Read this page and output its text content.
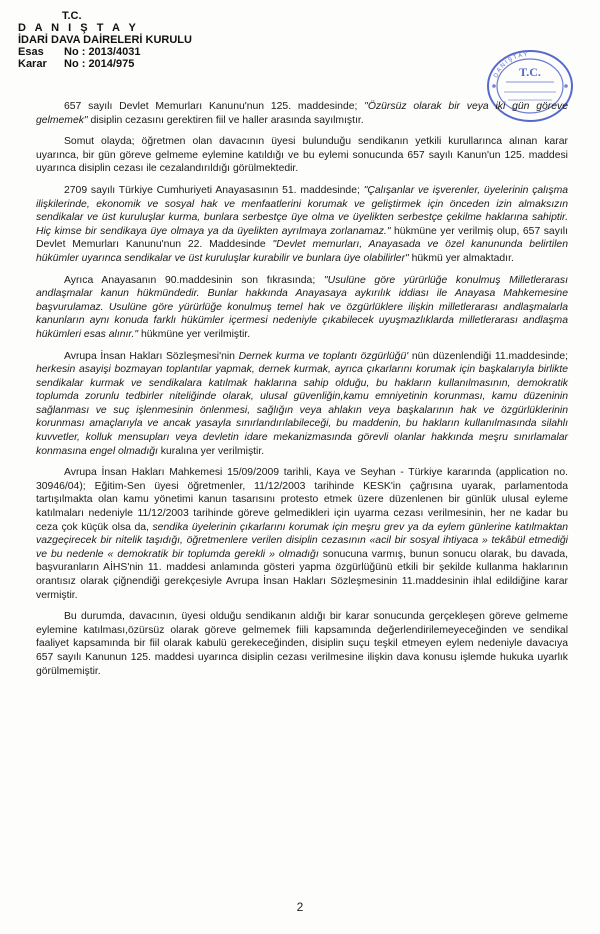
T.C.
D A N I Ş T A Y
İDARİ DAVA DAİRELERİ KURULU
Esas	No : 2013/4031
Karar	No : 2014/975
T.C.
DANIŞTAY

657 sayılı Devlet Memurları Kanunu'nun 125. maddesinde; "Özürsüz olarak bir veya iki gün göreve gelmemek" disiplin cezasını gerektiren fiil ve haller arasında sayılmıştır.

Somut olayda; öğretmen olan davacının üyesi bulunduğu sendikanın yetkili kurullarınca alınan karar uyarınca, bir gün göreve gelmeme eylemine katıldığı ve bu eylemi sonucunda 657 sayılı Kanun'un 125. maddesi uyarınca disiplin cezası ile cezalandırıldığı görülmektedir.

2709 sayılı Türkiye Cumhuriyeti Anayasasının 51. maddesinde; "Çalışanlar ve işverenler, üyelerinin çalışma ilişkilerinde, ekonomik ve sosyal hak ve menfaatlerini korumak ve geliştirmek için önceden izin almaksızın sendikalar ve üst kuruluşlar kurma, bunlara serbestçe üye olma ve üyelikten serbestçe çekilme haklarına sahiptir. Hiç kimse bir sendikaya üye olmaya ya da üyelikten ayrılmaya zorlanamaz." hükmüne yer verilmiş olup, 657 sayılı Devlet Memurları Kanunu'nun 22. Maddesinde "Devlet memurları, Anayasada ve özel kanununda belirtilen hükümler uyarınca sendikalar ve üst kuruluşlar kurabilir ve bunlara üye olabilirler" hükmü yer almaktadır.

Ayrıca Anayasanın 90.maddesinin son fıkrasında; "Usulüne göre yürürlüğe konulmuş Milletlerarası andlaşmalar kanun hükmündedir. Bunlar hakkında Anayasaya aykırılık iddiası ile Anayasa Mahkemesine başvurulamaz. Usulüne göre yürürlüğe konulmuş temel hak ve özgürlüklere ilişkin milletlerarası andlaşmalarla kanunların aynı konuda farklı hükümler içermesi nedeniyle çıkabilecek uyuşmazlıklarda milletlerarası andlaşma hükümleri esas alınır." hükmüne yer verilmiştir.

Avrupa İnsan Hakları Sözleşmesi'nin Dernek kurma ve toplantı özgürlüğü' nün düzenlendiği 11.maddesinde; herkesin asayişi bozmayan toplantılar yapmak, dernek kurmak, ayrıca çıkarlarını korumak için başkalarıyla birlikte sendikalar kurmak ve sendikalara katılmak haklarına sahip olduğu, bu hakların kullanılmasının, demokratik toplumda zorunlu tedbirler niteliğinde olarak, ulusal güvenliğin,kamu emniyetinin korunması, kamu düzeninin sağlanması ve suç işlenmesinin önlenmesi, sağlığın veya ahlakın veya başkalarının hak ve özgürlüklerinin korunması amaçlarıyla ve ancak yasayla sınırlandırılabileceği, bu maddenin, bu hakların kullanılmasında silahlı kuvvetler, kolluk mensupları veya devletin idare mekanizmasında görevli olanlar hakkında meşru sınırlamalar konmasına engel olmadığı kuralına yer verilmiştir.

Avrupa İnsan Hakları Mahkemesi 15/09/2009 tarihli, Kaya ve Seyhan - Türkiye kararında (application no. 30946/04); Eğitim-Sen üyesi öğretmenler, 11/12/2003 tarihinde KESK'in çağrısına uyarak, parlamentoda tartışılmakta olan kamu yönetimi kanun tasarısını protesto etmek üzere düzenlenen bir günlük ulusal eyleme katılmaları nedeniyle 11/12/2003 tarihinde göreve gelmedikleri için uyarma cezası verilmesinin, her ne kadar bu ceza çok küçük olsa da, sendika üyelerinin çıkarlarını korumak için meşru grev ya da eylem günlerine katılmaktan vazgeçirecek bir nitelik taşıdığı, öğretmenlere verilen disiplin cezasının «acil bir sosyal ihtiyaca » tekâbül etmediği ve bu nedenle « demokratik bir toplumda gerekli » olmadığı sonucuna varmış, bunun sonucu olarak, bu davada, başvuranların AİHS'nin 11. maddesi anlamında gösteri yapma özgürlüğünü etkili bir şekilde kullanma haklarının orantısız olarak çiğnendiği gerekçesiyle Avrupa İnsan Hakları Sözleşmesinin 11.maddesinin ihlal edildiğine karar vermiştir.

Bu durumda, davacının, üyesi olduğu sendikanın aldığı bir karar sonucunda gerçekleşen göreve gelmeme eylemine katılması,özürsüz olarak göreve gelmemek fiili kapsamında değerlendirilemeyeceğinden ve sendikal faaliyet kapsamında bir fiil olarak kabulü gerekeceğinden, disiplin suçu teşkil etmeyen eylem nedeniyle davacıya 657 sayılı Kanunun 125. maddesi uyarınca disiplin cezası verilmesine ilişkin dava konusu işlemde hukuka uyarlık görülmemiştir.

2
